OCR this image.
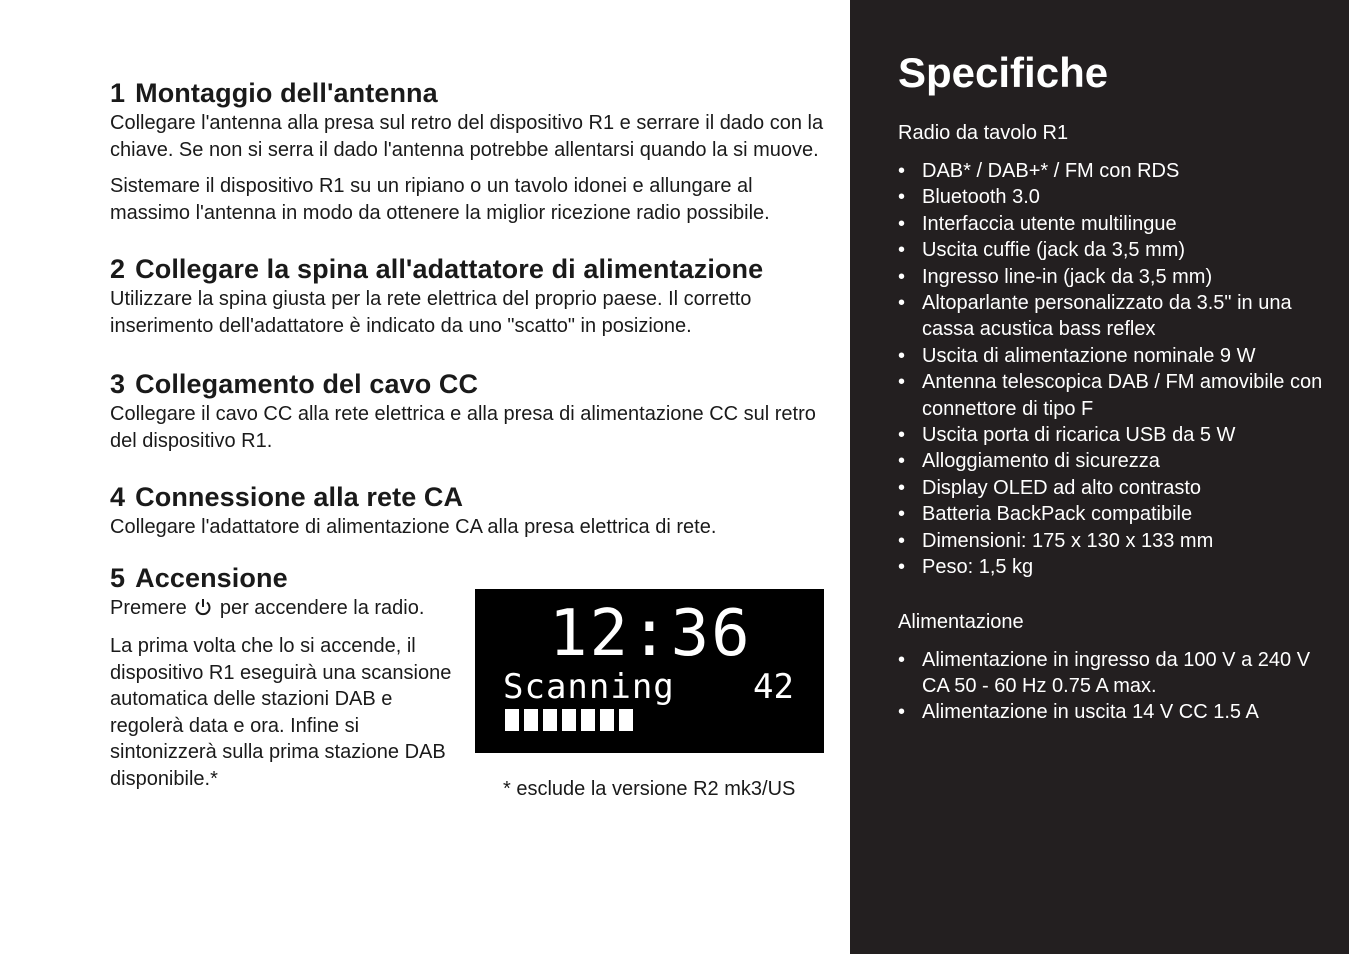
1 Montaggio dell'antenna

Collegare l'antenna alla presa sul retro del dispositivo R1 e serrare il dado con la chiave. Se non si serra il dado l'antenna potrebbe allentarsi quando la si muove.

Sistemare il dispositivo R1 su un ripiano o un tavolo idonei e allungare al massimo l'antenna in modo da ottenere la miglior ricezione radio possibile.

2 Collegare la spina all'adattatore di alimentazione

Utilizzare la spina giusta per la rete elettrica del proprio paese. Il corretto inserimento dell'adattatore è indicato da uno "scatto" in posizione.

3 Collegamento del cavo CC

Collegare il cavo CC alla rete elettrica e alla presa di alimentazione CC sul retro del dispositivo R1.

4 Connessione alla rete CA

Collegare l'adattatore di alimentazione CA alla presa elettrica di rete.

5 Accensione

Premere per accendere la radio.

La prima volta che lo si accende, il dispositivo R1 eseguirà una scansione automatica delle stazioni DAB e regolerà data e ora. Infine si sintonizzerà sulla prima stazione DAB disponibile.*

12:36
Scanning 42
* esclude la versione R2 mk3/US
Specifiche
Radio da tavolo R1
• DAB* / DAB+* / FM con RDS
• Bluetooth 3.0
• Interfaccia utente multilingue
• Uscita cuffie (jack da 3,5 mm)
• Ingresso line-in (jack da 3,5 mm)
• Altoparlante personalizzato da 3.5" in una cassa acustica bass reflex
• Uscita di alimentazione nominale 9 W
• Antenna telescopica DAB / FM amovibile con connettore di tipo F
• Uscita porta di ricarica USB da 5 W
• Alloggiamento di sicurezza
• Display OLED ad alto contrasto
• Batteria BackPack compatibile
• Dimensioni: 175 x 130 x 133 mm
• Peso: 1,5 kg
Alimentazione
• Alimentazione in ingresso da 100 V a 240 V CA 50 - 60 Hz 0.75 A max.
• Alimentazione in uscita 14 V CC 1.5 A
